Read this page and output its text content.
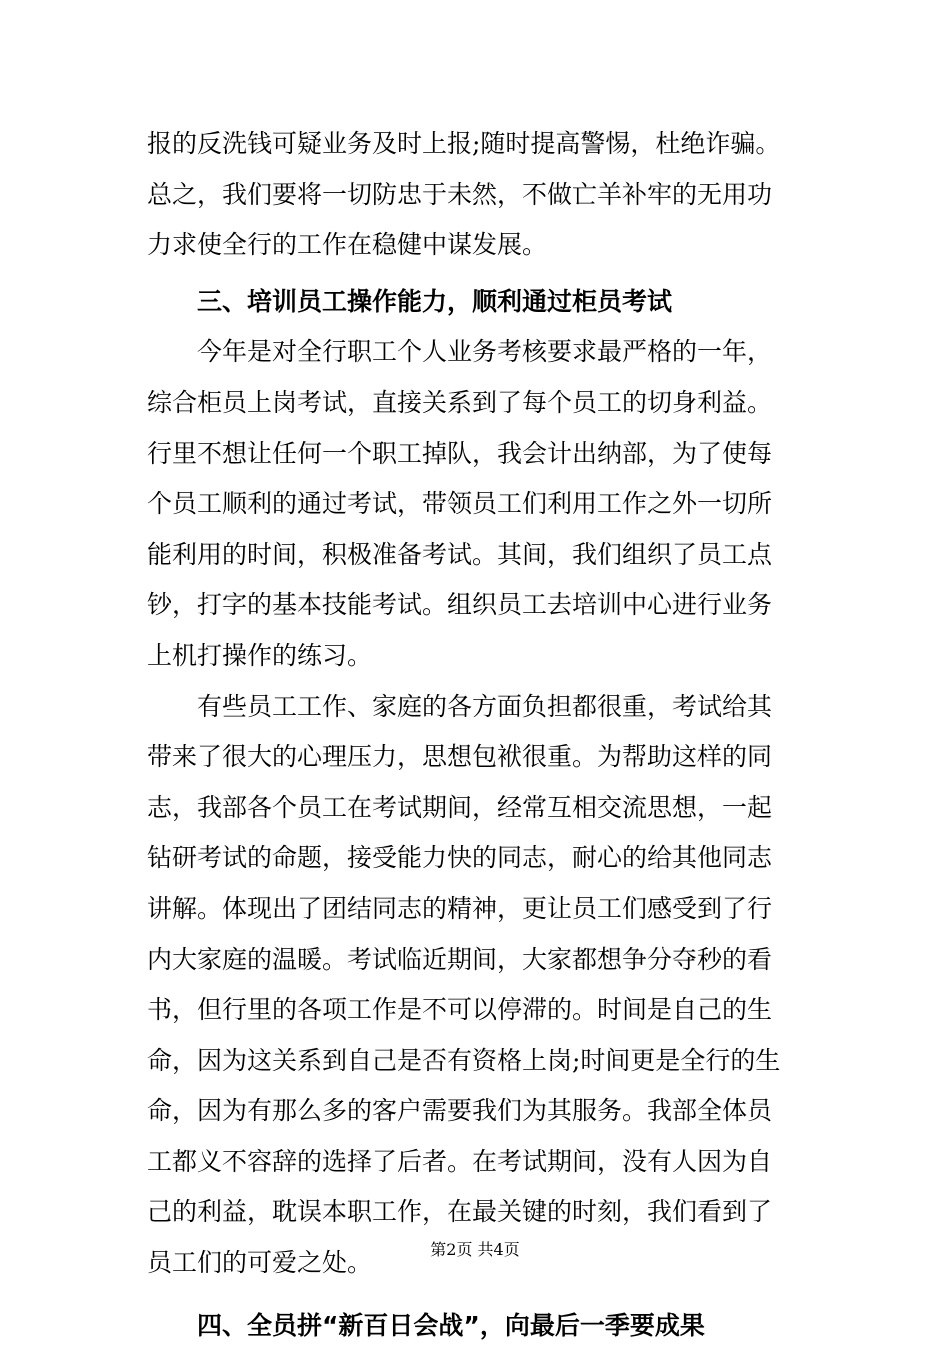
报的反洗钱可疑业务及时上报;随时提高警惕，杜绝诈骗。
总之，我们要将一切防忠于未然，不做亡羊补牢的无用功
力求使全行的工作在稳健中谋发展。
三、培训员工操作能力，顺利通过柜员考试
今年是对全行职工个人业务考核要求最严格的一年，
综合柜员上岗考试，直接关系到了每个员工的切身利益。
行里不想让任何一个职工掉队，我会计出纳部，为了使每
个员工顺利的通过考试，带领员工们利用工作之外一切所
能利用的时间，积极准备考试。其间，我们组织了员工点
钞，打字的基本技能考试。组织员工去培训中心进行业务
上机打操作的练习。
有些员工工作、家庭的各方面负担都很重，考试给其
带来了很大的心理压力，思想包袱很重。为帮助这样的同
志，我部各个员工在考试期间，经常互相交流思想，一起
钻研考试的命题，接受能力快的同志，耐心的给其他同志
讲解。体现出了团结同志的精神，更让员工们感受到了行
内大家庭的温暖。考试临近期间，大家都想争分夺秒的看
书，但行里的各项工作是不可以停滞的。时间是自己的生
命，因为这关系到自己是否有资格上岗;时间更是全行的生
命，因为有那么多的客户需要我们为其服务。我部全体员
工都义不容辞的选择了后者。在考试期间，没有人因为自
己的利益，耽误本职工作，在最关键的时刻，我们看到了
员工们的可爱之处。
四、全员拼“新百日会战”，向最后一季要成果
第2页 共4页
